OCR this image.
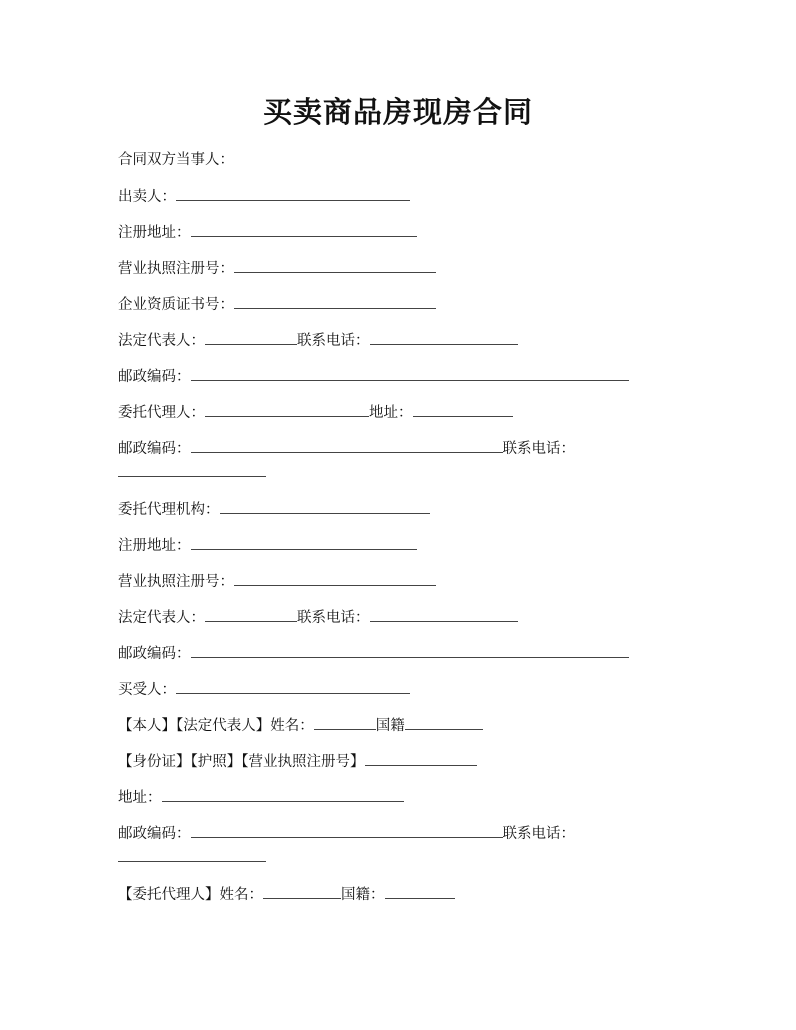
买卖商品房现房合同
合同双方当事人：
出卖人：
注册地址：
营业执照注册号：
企业资质证书号：
法定代表人：	联系电话：
邮政编码：
委托代理人：	地址：
邮政编码：	联系电话：
委托代理机构：
注册地址：
营业执照注册号：
法定代表人：	联系电话：
邮政编码：
买受人：
【本人】【法定代表人】姓名：	国籍
【身份证】【护照】【营业执照注册号】
地址：
邮政编码：	联系电话：
【委托代理人】姓名：	国籍：
